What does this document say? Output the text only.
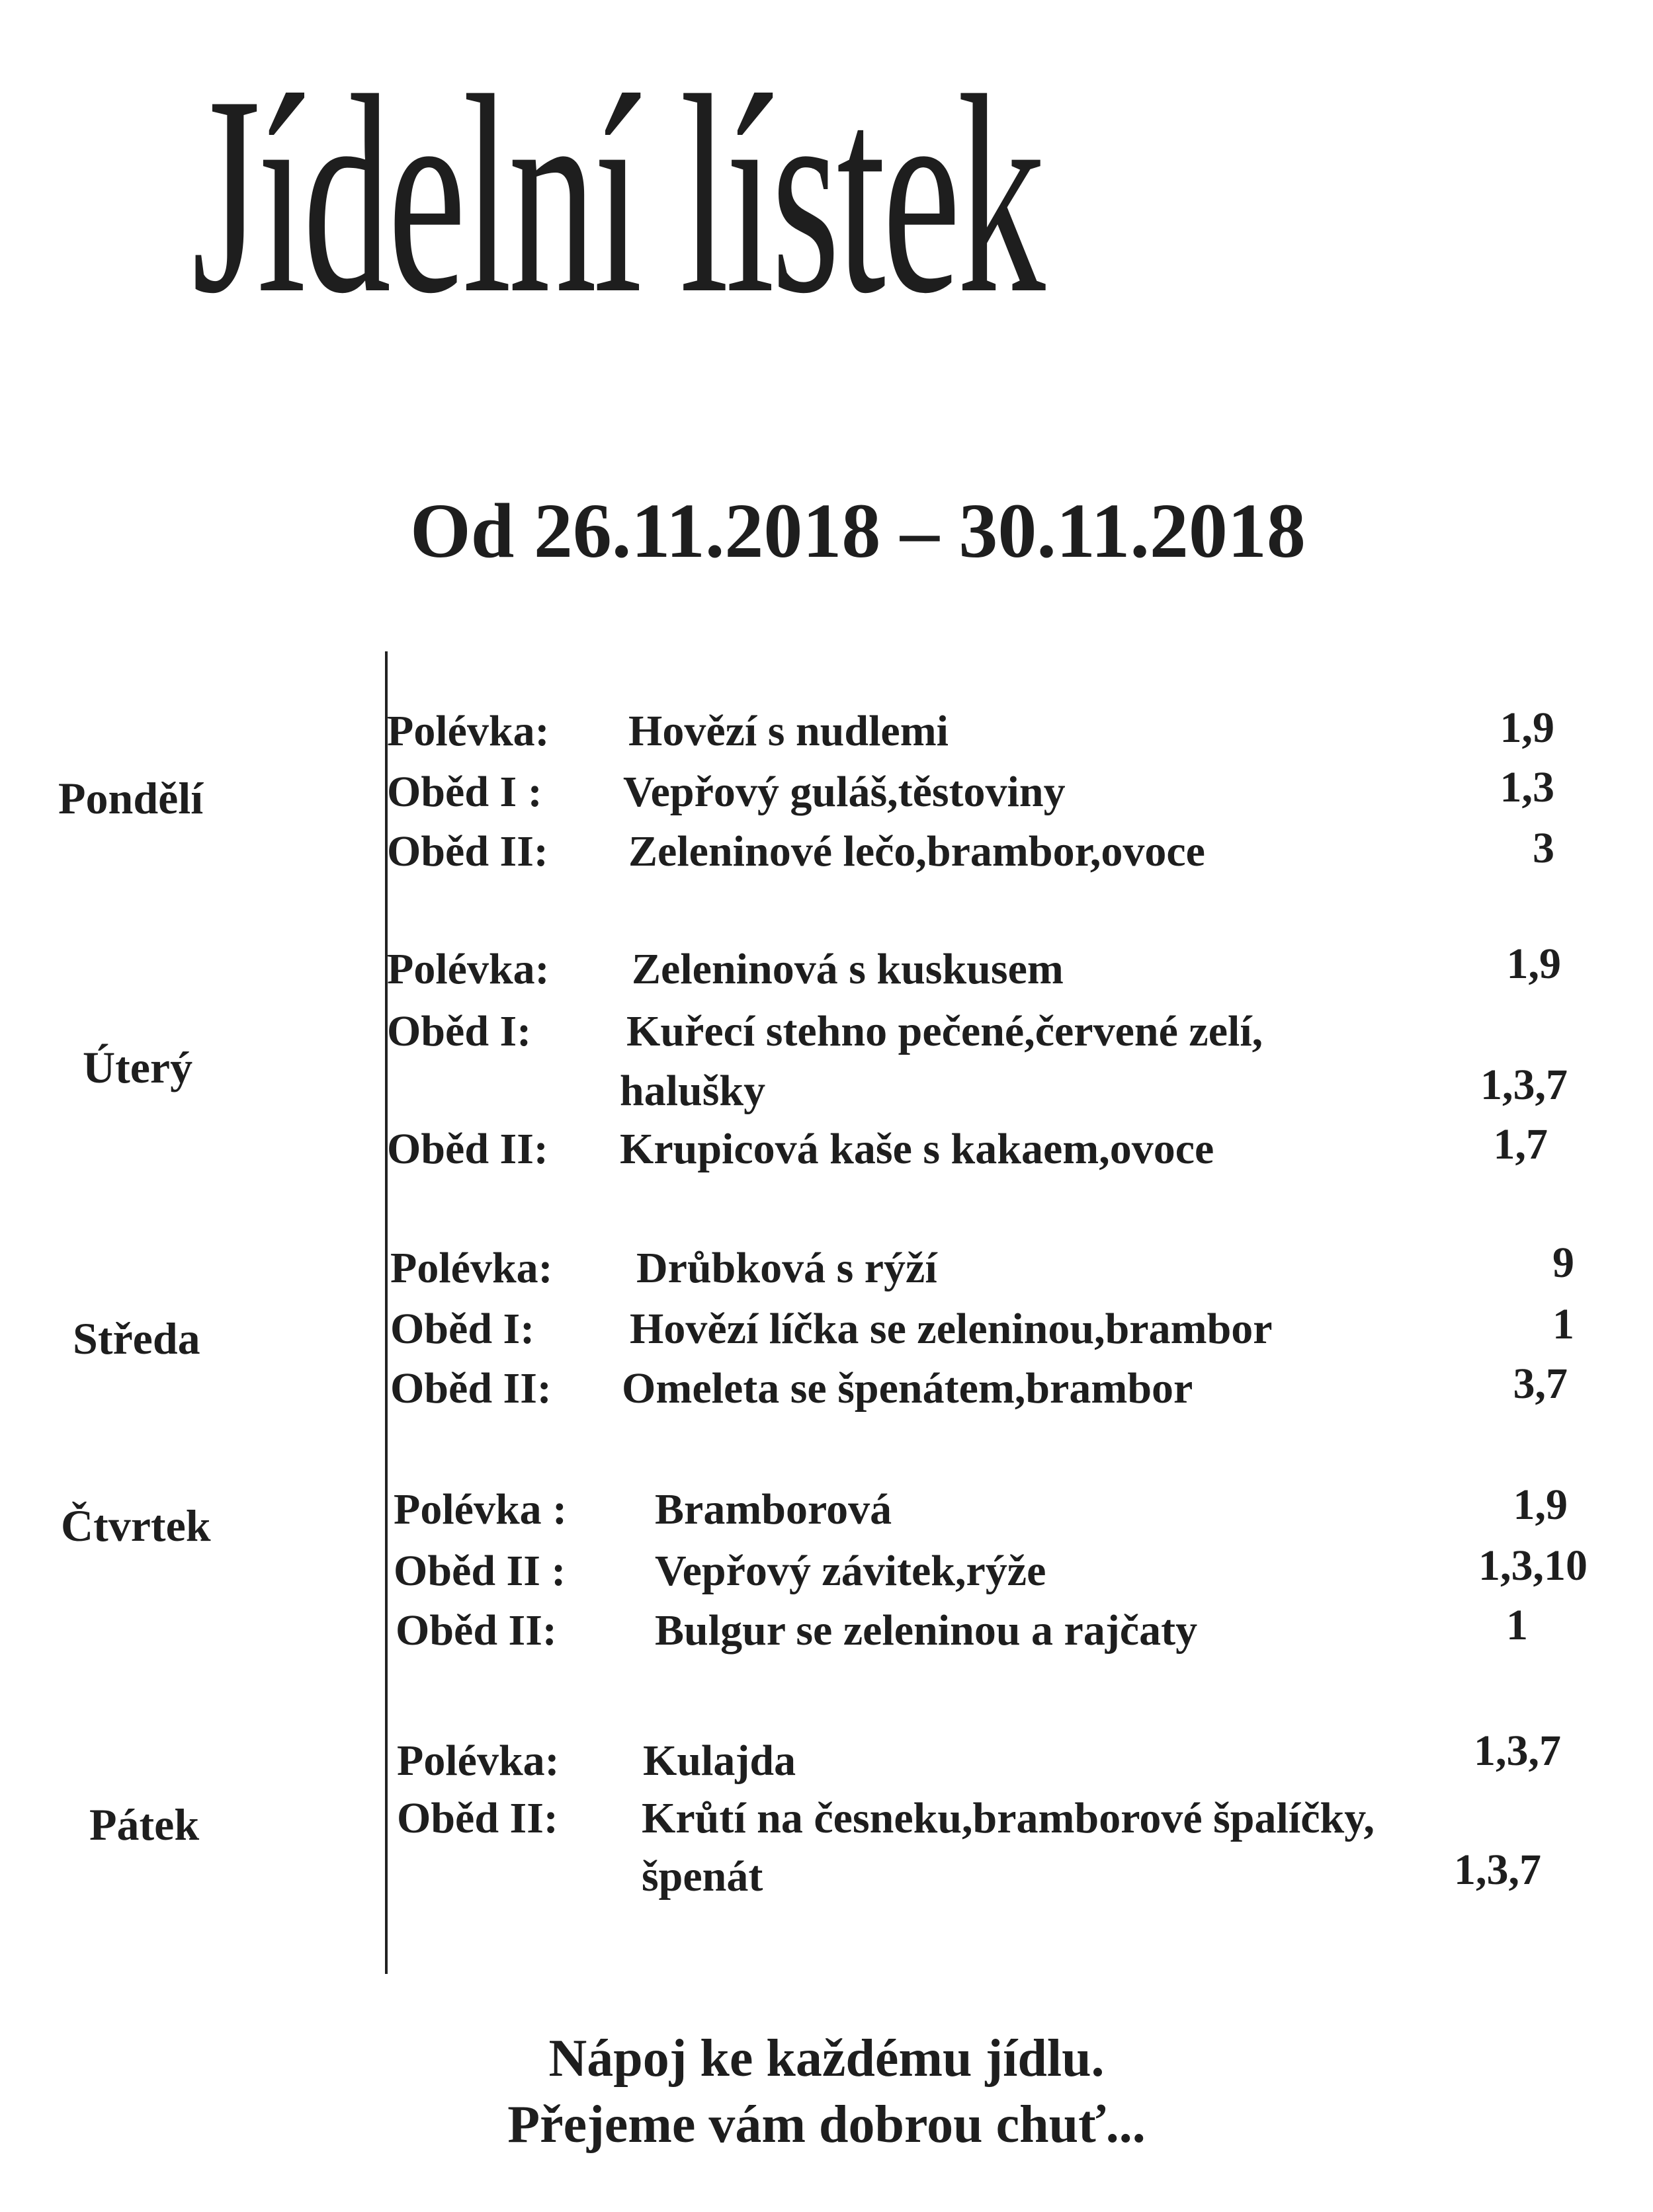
Jídelní lístek
Od 26.11.2018 – 30.11.2018
Pondělí
Polévka: Hovězí s nudlemi	1,9
Oběd I : Vepřový guláš,těstoviny	1,3
Oběd II: Zeleninové lečo,brambor,ovoce	3
Úterý
Polévka: Zeleninová s kuskusem	1,9
Oběd I: Kuřecí stehno pečené,červené zelí,
halušky	1,3,7
Oběd II: Krupicová kaše s kakaem,ovoce	1,7
Středa
Polévka: Drůbková s rýží	9
Oběd I: Hovězí líčka se zeleninou,brambor	1
Oběd II: Omeleta se špenátem,brambor	3,7
Čtvrtek	Polévka : Bramborová	1,9
Oběd II : Vepřový závitek,rýže	1,3,10
Oběd II: Bulgur se zeleninou a rajčaty	1
Pátek
Polévka: Kulajda	1,3,7
Oběd II: Krůtí na česneku,bramborové špalíčky,
špenát	1,3,7
Nápoj ke každému jídlu.
Přejeme vám dobrou chuť...
